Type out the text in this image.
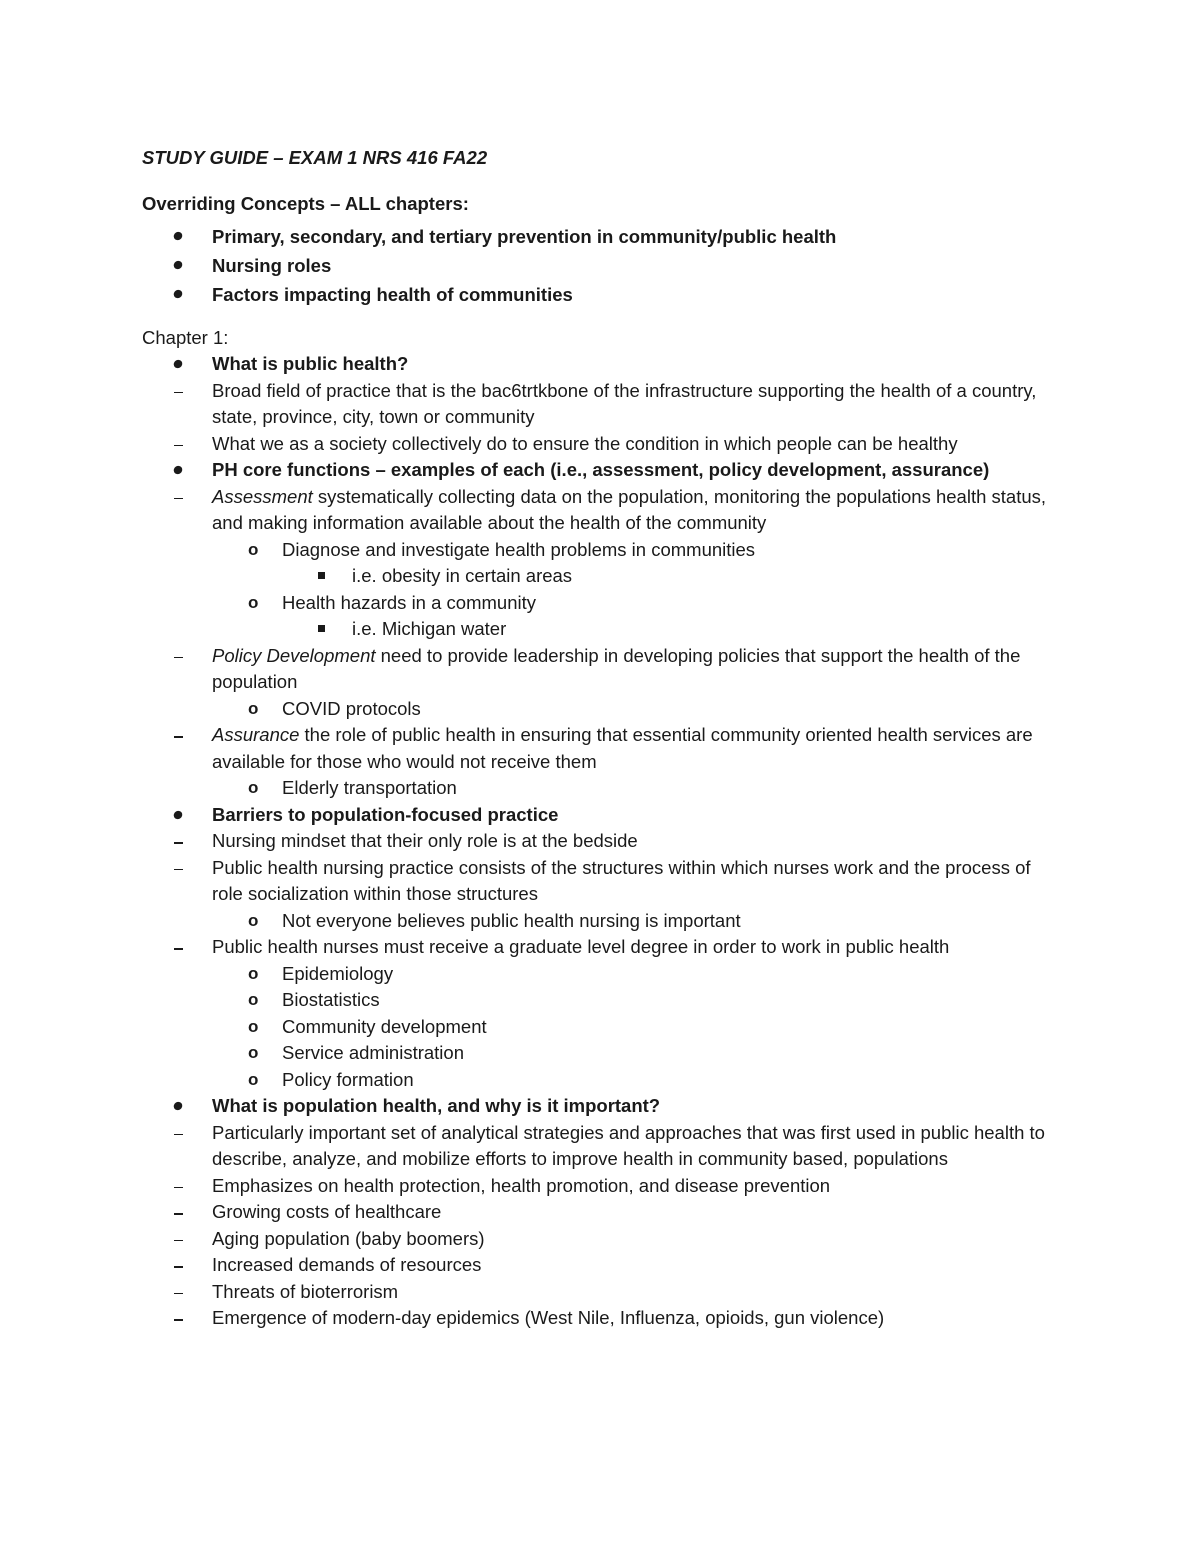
STUDY GUIDE – EXAM 1 NRS 416 FA22

Overriding Concepts – ALL chapters:

Primary, secondary, and tertiary prevention in community/public health
Nursing roles
Factors impacting health of communities

Chapter 1:

What is public health?
Broad field of practice that is the bac6trtkbone of the infrastructure supporting the health of a country, state, province, city, town or community
What we as a society collectively do to ensure the condition in which people can be healthy
PH core functions – examples of each (i.e., assessment, policy development, assurance)
Assessment systematically collecting data on the population, monitoring the populations health status, and making information available about the health of the community
o Diagnose and investigate health problems in communities
i.e. obesity in certain areas
o Health hazards in a community
i.e. Michigan water
Policy Development need to provide leadership in developing policies that support the health of the population
o COVID protocols
Assurance the role of public health in ensuring that essential community oriented health services are available for those who would not receive them
o Elderly transportation
Barriers to population-focused practice
Nursing mindset that their only role is at the bedside
Public health nursing practice consists of the structures within which nurses work and the process of role socialization within those structures
o Not everyone believes public health nursing is important
Public health nurses must receive a graduate level degree in order to work in public health
o Epidemiology
o Biostatistics
o Community development
o Service administration
o Policy formation
What is population health, and why is it important?
Particularly important set of analytical strategies and approaches that was first used in public health to describe, analyze, and mobilize efforts to improve health in community based, populations
Emphasizes on health protection, health promotion, and disease prevention
Growing costs of healthcare
Aging population (baby boomers)
Increased demands of resources
Threats of bioterrorism
Emergence of modern-day epidemics (West Nile, Influenza, opioids, gun violence)
